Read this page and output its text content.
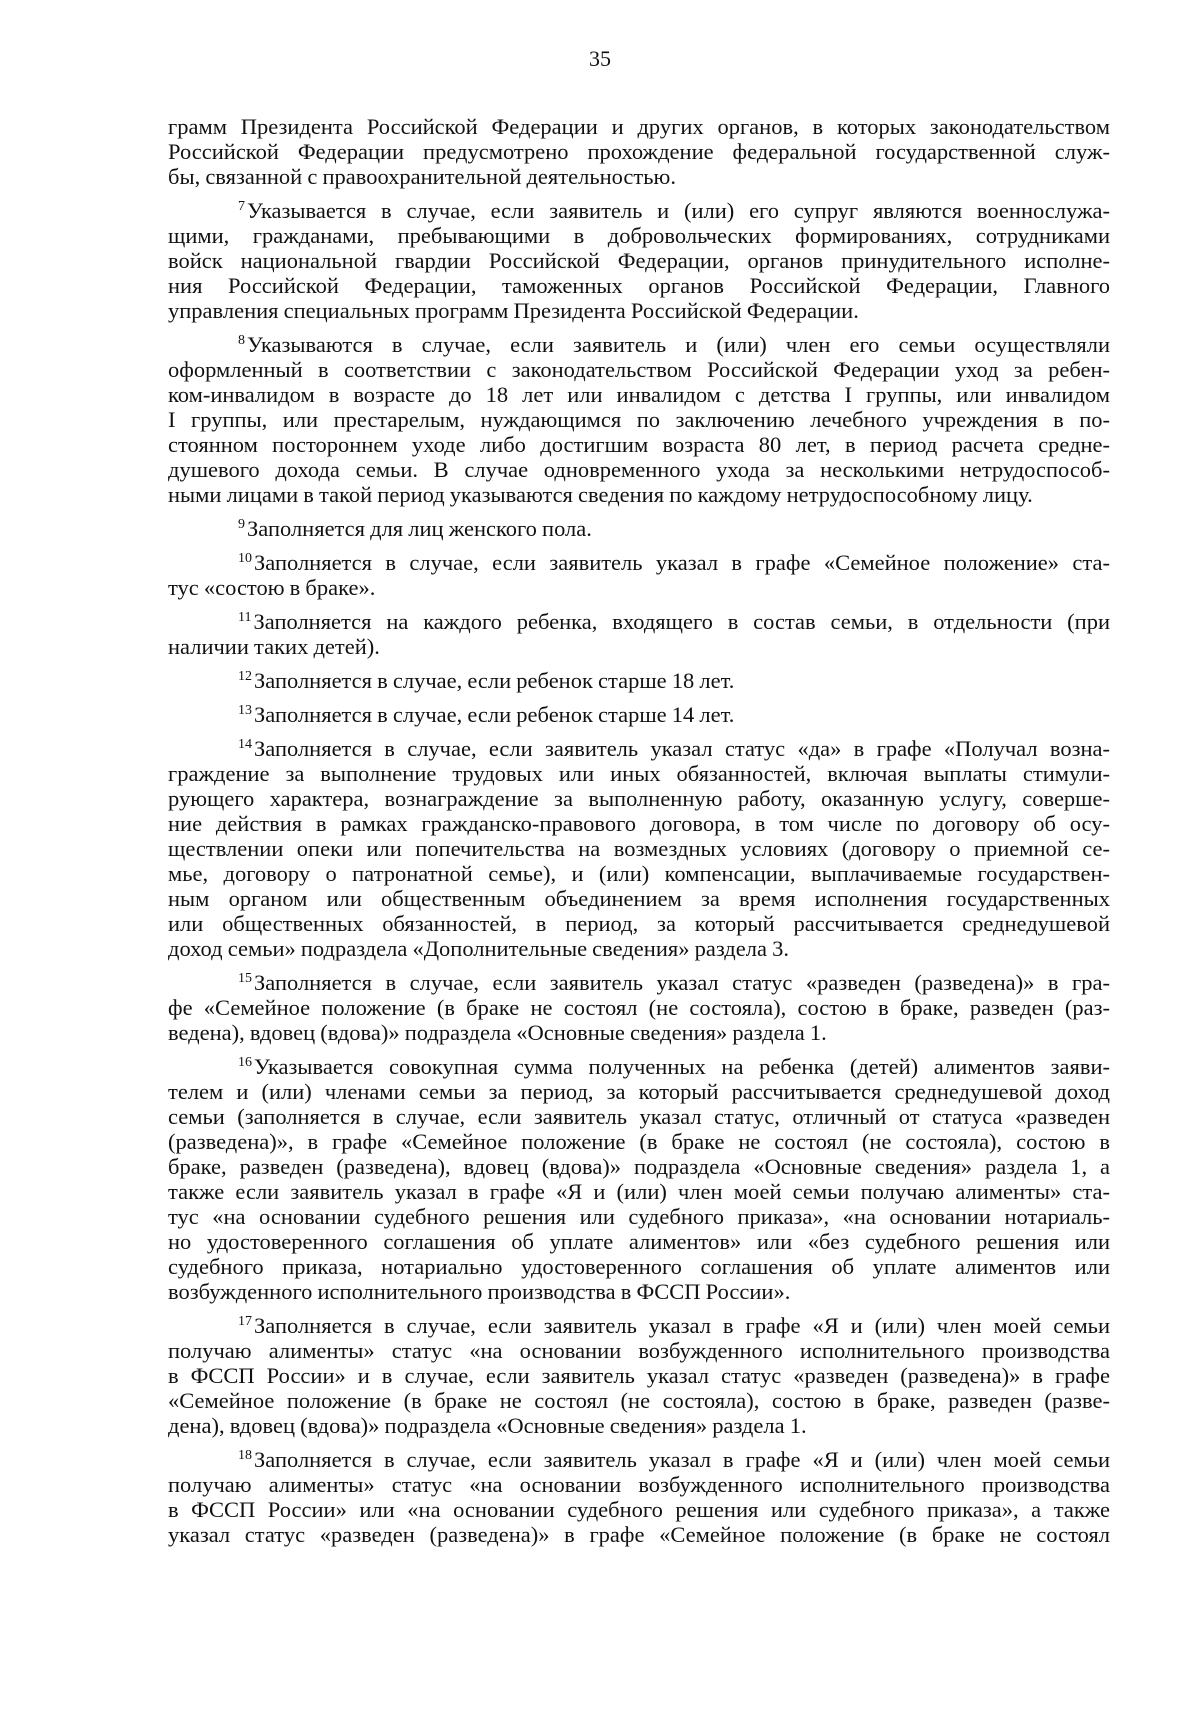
35
грамм Президента Российской Федерации и других органов, в которых законодательством
Российской Федерации предусмотрено прохождение федеральной государственной служ-
бы, связанной с правоохранительной деятельностью.
$^7$Указывается в случае, если заявитель и (или) его супруг являются военнослужа-
щими, гражданами, пребывающими в добровольческих формированиях, сотрудниками
войск национальной гвардии Российской Федерации, органов принудительного исполне-
ния Российской Федерации, таможенных органов Российской Федерации, Главного
управления специальных программ Президента Российской Федерации.
$^8$Указываются в случае, если заявитель и (или) член его семьи осуществляли
оформленный в соответствии с законодательством Российской Федерации уход за ребен-
ком-инвалидом в возрасте до 18 лет или инвалидом с детства I группы, или инвалидом
I группы, или престарелым, нуждающимся по заключению лечебного учреждения в по-
стоянном постороннем уходе либо достигшим возраста 80 лет, в период расчета средне-
душевого дохода семьи. В случае одновременного ухода за несколькими нетрудоспособ-
ными лицами в такой период указываются сведения по каждому нетрудоспособному лицу.
$^9$Заполняется для лиц женского пола.
$^{10}$Заполняется в случае, если заявитель указал в графе «Семейное положение» ста-
тус «состою в браке».
$^{11}$Заполняется на каждого ребенка, входящего в состав семьи, в отдельности (при
наличии таких детей).
$^{12}$Заполняется в случае, если ребенок старше 18 лет.
$^{13}$Заполняется в случае, если ребенок старше 14 лет.
$^{14}$Заполняется в случае, если заявитель указал статус «да» в графе «Получал возна-
граждение за выполнение трудовых или иных обязанностей, включая выплаты стимули-
рующего характера, вознаграждение за выполненную работу, оказанную услугу, соверше-
ние действия в рамках гражданско-правового договора, в том числе по договору об осу-
ществлении опеки или попечительства на возмездных условиях (договору о приемной се-
мье, договору о патронатной семье), и (или) компенсации, выплачиваемые государствен-
ным органом или общественным объединением за время исполнения государственных
или общественных обязанностей, в период, за который рассчитывается среднедушевой
доход семьи» подраздела «Дополнительные сведения» раздела 3.
$^{15}$Заполняется в случае, если заявитель указал статус «разведен (разведена)» в гра-
фе «Семейное положение (в браке не состоял (не состояла), состою в браке, разведен (раз-
ведена), вдовец (вдова)» подраздела «Основные сведения» раздела 1.
$^{16}$Указывается совокупная сумма полученных на ребенка (детей) алиментов заяви-
телем и (или) членами семьи за период, за который рассчитывается среднедушевой доход
семьи (заполняется в случае, если заявитель указал статус, отличный от статуса «разведен
(разведена)», в графе «Семейное положение (в браке не состоял (не состояла), состою в
браке, разведен (разведена), вдовец (вдова)» подраздела «Основные сведения» раздела 1, а
также если заявитель указал в графе «Я и (или) член моей семьи получаю алименты» ста-
тус «на основании судебного решения или судебного приказа», «на основании нотариаль-
но удостоверенного соглашения об уплате алиментов» или «без судебного решения или
судебного приказа, нотариально удостоверенного соглашения об уплате алиментов или
возбужденного исполнительного производства в ФССП России».
$^{17}$Заполняется в случае, если заявитель указал в графе «Я и (или) член моей семьи
получаю алименты» статус «на основании возбужденного исполнительного производства
в ФССП России» и в случае, если заявитель указал статус «разведен (разведена)» в графе
«Семейное положение (в браке не состоял (не состояла), состою в браке, разведен (разве-
дена), вдовец (вдова)» подраздела «Основные сведения» раздела 1.
$^{18}$Заполняется в случае, если заявитель указал в графе «Я и (или) член моей семьи
получаю алименты» статус «на основании возбужденного исполнительного производства
в ФССП России» или «на основании судебного решения или судебного приказа», а также
указал статус «разведен (разведена)» в графе «Семейное положение (в браке не состоял
